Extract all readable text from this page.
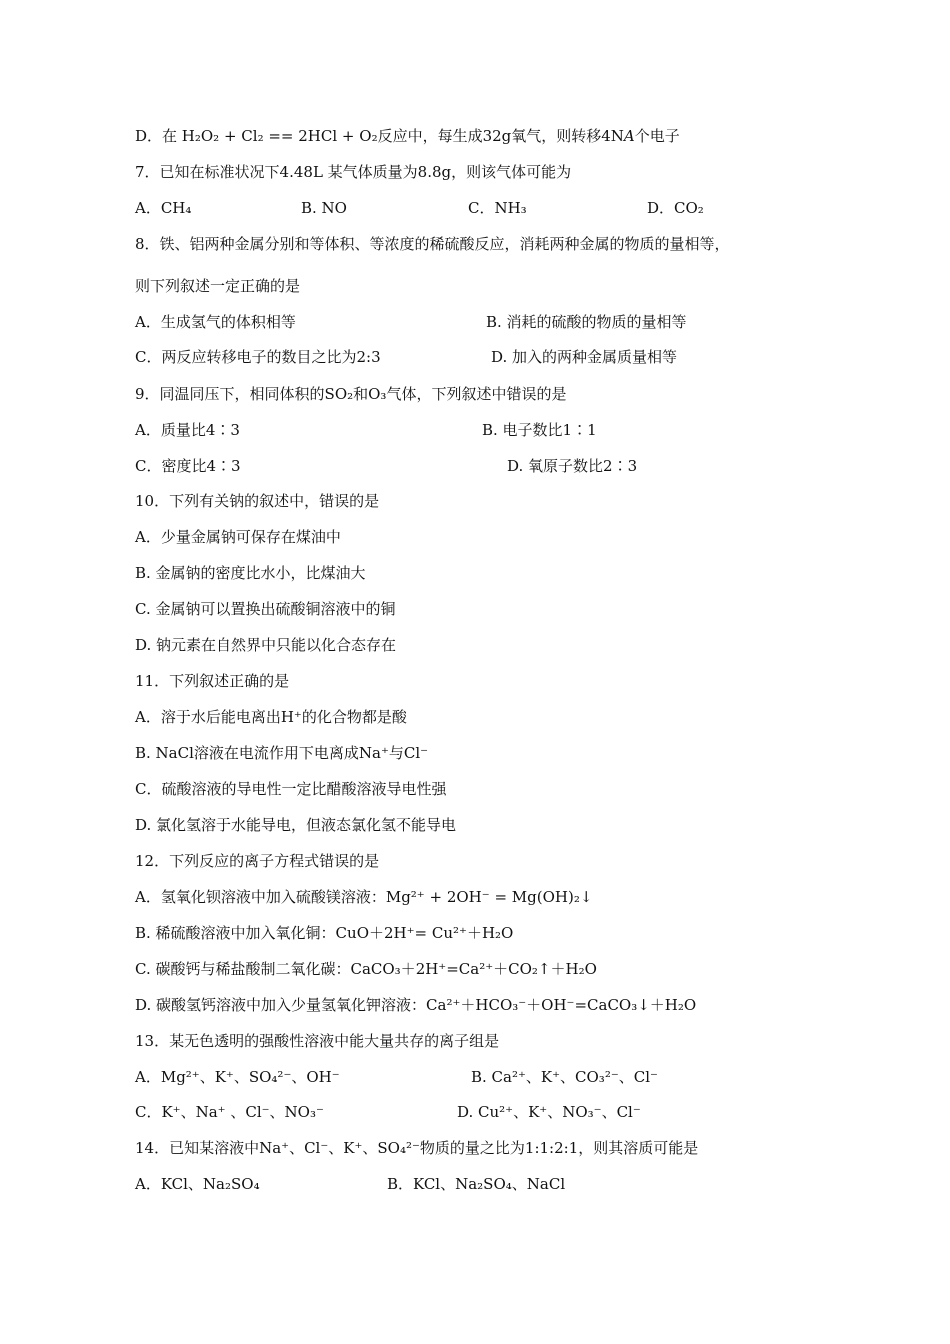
D．在 H₂O₂ + Cl₂ == 2HCl + O₂反应中，每生成32g氧气，则转移4N𝐴个电子
7．已知在标准状况下4.48L 某气体质量为8.8g，则该气体可能为
A．CH₄	B. NO	C．NH₃	D．CO₂
8．铁、铝两种金属分别和等体积、等浓度的稀硫酸反应，消耗两种金属的物质的量相等，
则下列叙述一定正确的是
A．生成氢气的体积相等	B. 消耗的硫酸的物质的量相等
C．两反应转移电子的数目之比为2:3	D. 加入的两种金属质量相等
9．同温同压下，相同体积的SO₂和O₃气体，下列叙述中错误的是
A．质量比4∶3	B. 电子数比1∶1
C．密度比4∶3	D. 氧原子数比2∶3
10．下列有关钠的叙述中，错误的是
A．少量金属钠可保存在煤油中
B. 金属钠的密度比水小，比煤油大
C. 金属钠可以置换出硫酸铜溶液中的铜
D. 钠元素在自然界中只能以化合态存在
11．下列叙述正确的是
A．溶于水后能电离出H⁺的化合物都是酸
B. NaCl溶液在电流作用下电离成Na⁺与Cl⁻
C．硫酸溶液的导电性一定比醋酸溶液导电性强
D. 氯化氢溶于水能导电，但液态氯化氢不能导电
12．下列反应的离子方程式错误的是
A．氢氧化钡溶液中加入硫酸镁溶液：Mg²⁺ + 2OH⁻ = Mg(OH)₂↓
B. 稀硫酸溶液中加入氧化铜：CuO＋2H⁺= Cu²⁺＋H₂O
C. 碳酸钙与稀盐酸制二氧化碳：CaCO₃＋2H⁺=Ca²⁺＋CO₂↑＋H₂O
D. 碳酸氢钙溶液中加入少量氢氧化钾溶液：Ca²⁺＋HCO₃⁻＋OH⁻=CaCO₃↓＋H₂O
13．某无色透明的强酸性溶液中能大量共存的离子组是
A．Mg²⁺、K⁺、SO₄²⁻、OH⁻	B. Ca²⁺、K⁺、CO₃²⁻、Cl⁻
C．K⁺、Na⁺ 、Cl⁻、NO₃⁻	D. Cu²⁺、K⁺、NO₃⁻、Cl⁻
14．已知某溶液中Na⁺、Cl⁻、K⁺、SO₄²⁻物质的量之比为1:1:2:1，则其溶质可能是
A．KCl、Na₂SO₄	B．KCl、Na₂SO₄、NaCl
